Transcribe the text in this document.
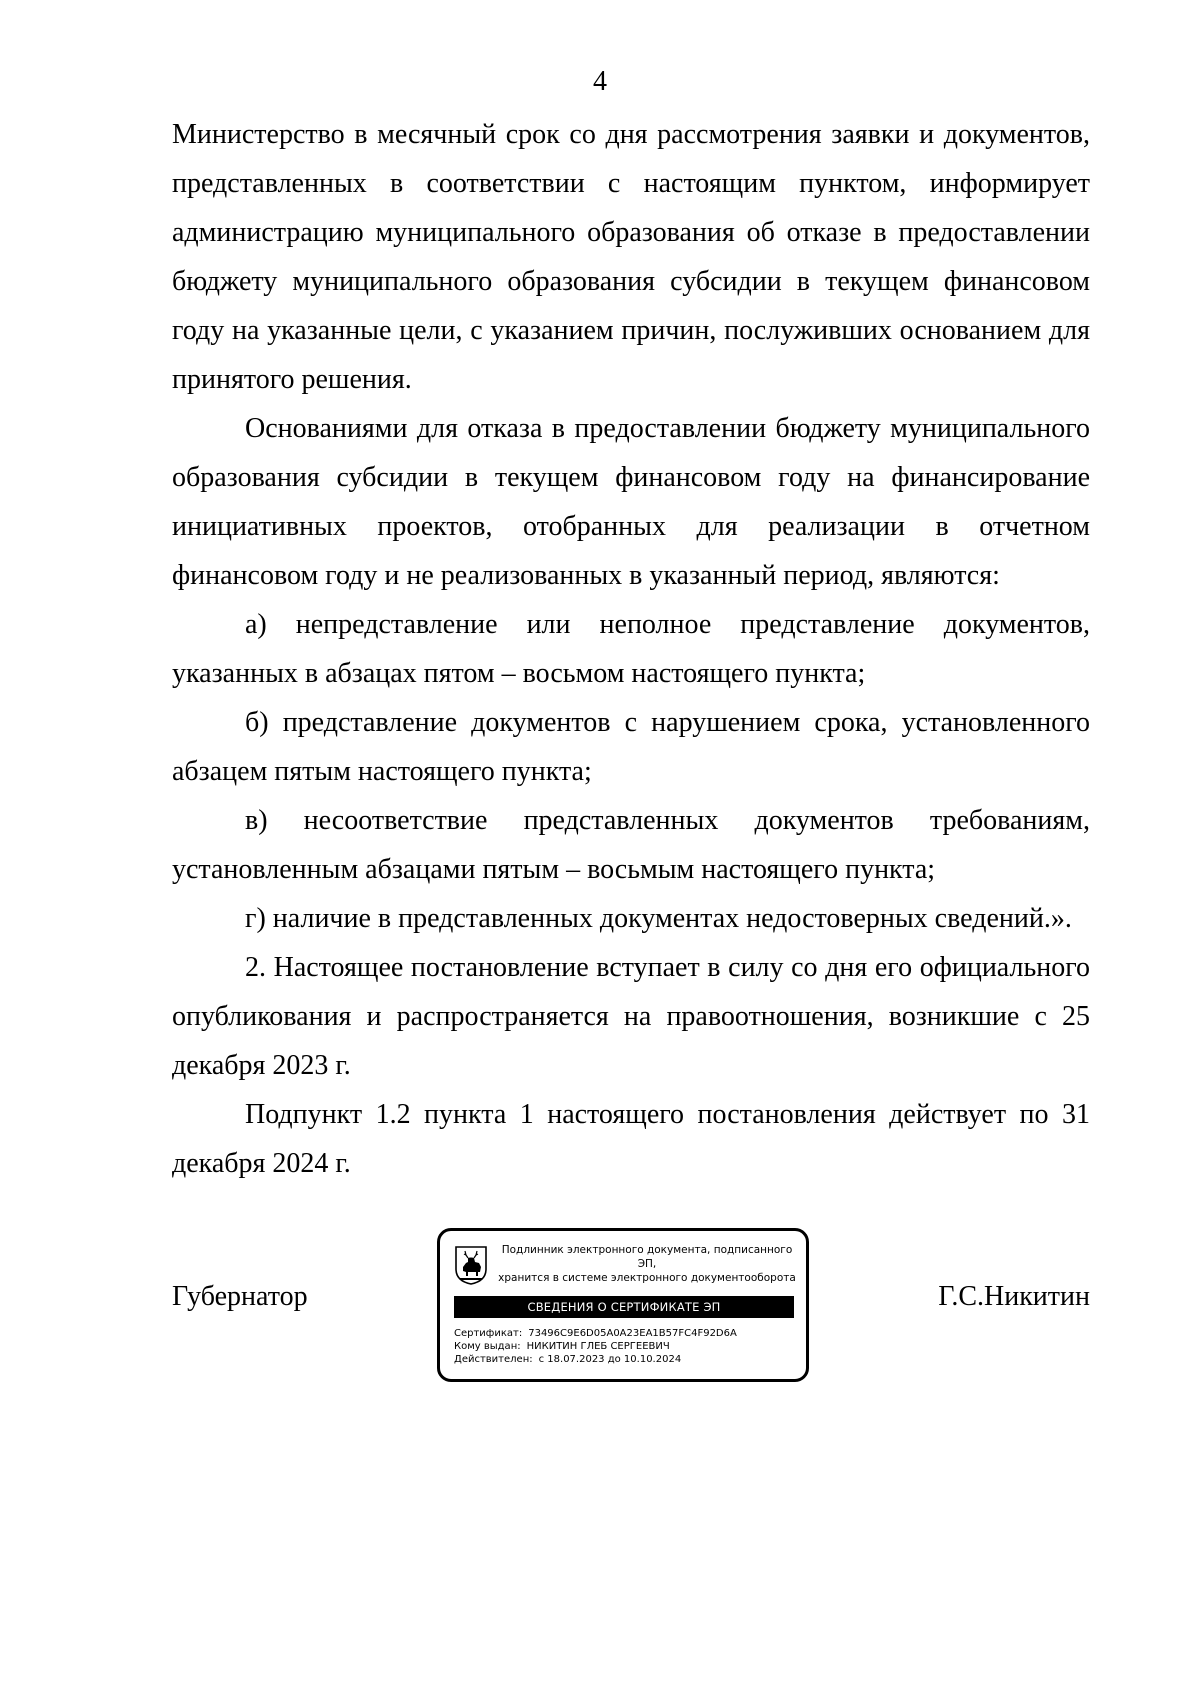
4

Министерство в месячный срок со дня рассмотрения заявки и документов, представленных в соответствии с настоящим пунктом, информирует администрацию муниципального образования об отказе в предоставлении бюджету муниципального образования субсидии в текущем финансовом году на указанные цели, с указанием причин, послуживших основанием для принятого решения.

Основаниями для отказа в предоставлении бюджету муниципального образования субсидии в текущем финансовом году на финансирование инициативных проектов, отобранных для реализации в отчетном финансовом году и не реализованных в указанный период, являются:

а) непредставление или неполное представление документов, указанных в абзацах пятом – восьмом настоящего пункта;

б) представление документов с нарушением срока, установленного абзацем пятым настоящего пункта;

в) несоответствие представленных документов требованиям, установленным абзацами пятым – восьмым настоящего пункта;

г) наличие в представленных документах недостоверных сведений.».

2. Настоящее постановление вступает в силу со дня его официального опубликования и распространяется на правоотношения, возникшие с 25 декабря 2023 г.

Подпункт 1.2 пункта 1 настоящего постановления действует по 31 декабря 2024 г.

Губернатор
Подлинник электронного документа, подписанного ЭП,
хранится в системе электронного документооборота
СВЕДЕНИЯ О СЕРТИФИКАТЕ ЭП
Сертификат: 73496C9E6D05A0A23EA1B57FC4F92D6A
Кому выдан: НИКИТИН ГЛЕБ СЕРГЕЕВИЧ
Действителен: с 18.07.2023 до 10.10.2024
Г.С.Никитин
